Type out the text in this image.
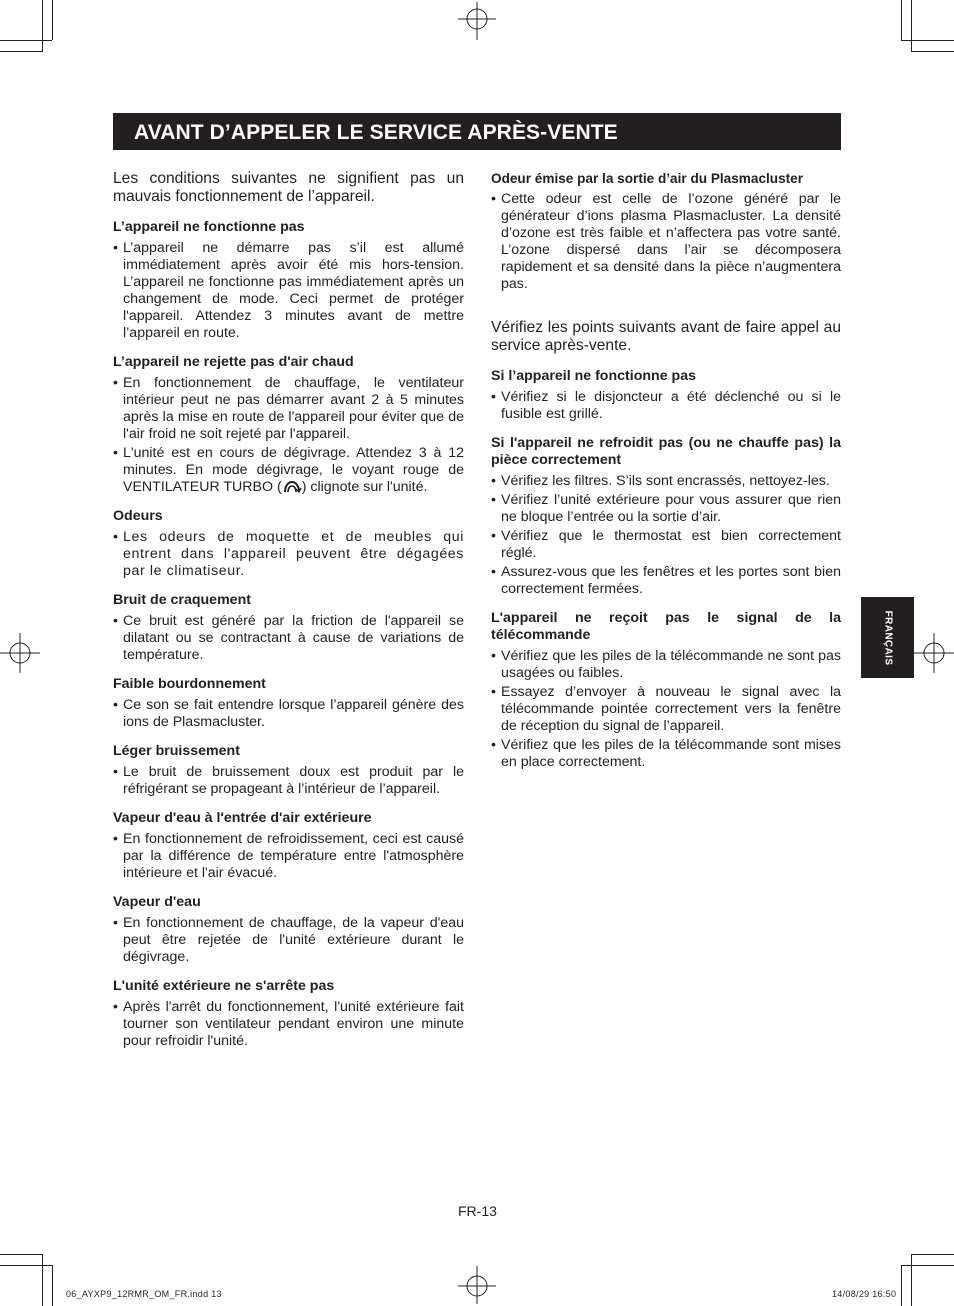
AVANT D’APPELER LE SERVICE APRÈS-VENTE

Les conditions suivantes ne signifient pas un mauvais fonctionnement de l’appareil.

L’appareil ne fonctionne pas
• L’appareil ne démarre pas s’il est allumé immédiatement après avoir été mis hors-tension. L’appareil ne fonctionne pas immédiatement après un changement de mode. Ceci permet de protéger l'appareil. Attendez 3 minutes avant de mettre l’appareil en route.
L’appareil ne rejette pas d'air chaud
• En fonctionnement de chauffage, le ventilateur intérieur peut ne pas démarrer avant 2 à 5 minutes après la mise en route de l'appareil pour éviter que de l'air froid ne soit rejeté par l'appareil.
• L'unité est en cours de dégivrage. Attendez 3 à 12 minutes. En mode dégivrage, le voyant rouge de VENTILATEUR TURBO ( ) clignote sur l'unité.
Odeurs
• Les odeurs de moquette et de meubles qui entrent dans l'appareil peuvent être dégagées par le climatiseur.
Bruit de craquement
• Ce bruit est généré par la friction de l'appareil se dilatant ou se contractant à cause de variations de température.
Faible bourdonnement
• Ce son se fait entendre lorsque l’appareil génère des ions de Plasmacluster.
Léger bruissement
• Le bruit de bruissement doux est produit par le réfrigérant se propageant à l’intérieur de l’appareil.
Vapeur d'eau à l'entrée d'air extérieure
• En fonctionnement de refroidissement, ceci est causé par la différence de température entre l'atmosphère intérieure et l'air évacué.
Vapeur d'eau
• En fonctionnement de chauffage, de la vapeur d'eau peut être rejetée de l'unité extérieure durant le dégivrage.
L'unité extérieure ne s'arrête pas
• Après l'arrêt du fonctionnement, l'unité extérieure fait tourner son ventilateur pendant environ une minute pour refroidir l'unité.
Odeur émise par la sortie d’air du Plasmacluster
• Cette odeur est celle de l’ozone généré par le générateur d’ions plasma Plasmacluster. La densité d’ozone est très faible et n’affectera pas votre santé. L’ozone dispersé dans l’air se décomposera rapidement et sa densité dans la pièce n’augmentera pas.

Vérifiez les points suivants avant de faire appel au service après-vente.

Si l’appareil ne fonctionne pas
• Vérifiez si le disjoncteur a été déclenché ou si le fusible est grillé.
Si l'appareil ne refroidit pas (ou ne chauffe pas) la pièce correctement
• Vérifiez les filtres. S’ils sont encrassés, nettoyez-les.
• Vérifiez l’unité extérieure pour vous assurer que rien ne bloque l’entrée ou la sortie d’air.
• Vérifiez que le thermostat est bien correctement réglé.
• Assurez-vous que les fenêtres et les portes sont bien correctement fermées.
L'appareil ne reçoit pas le signal de la télécommande
• Vérifiez que les piles de la télécommande ne sont pas usagées ou faibles.
• Essayez d’envoyer à nouveau le signal avec la télécommande pointée correctement vers la fenêtre de réception du signal de l’appareil.
• Vérifiez que les piles de la télécommande sont mises en place correctement.
FRANÇAIS
FR-13
06_AYXP9_12RMR_OM_FR.indd 13	14/08/29 16:50
